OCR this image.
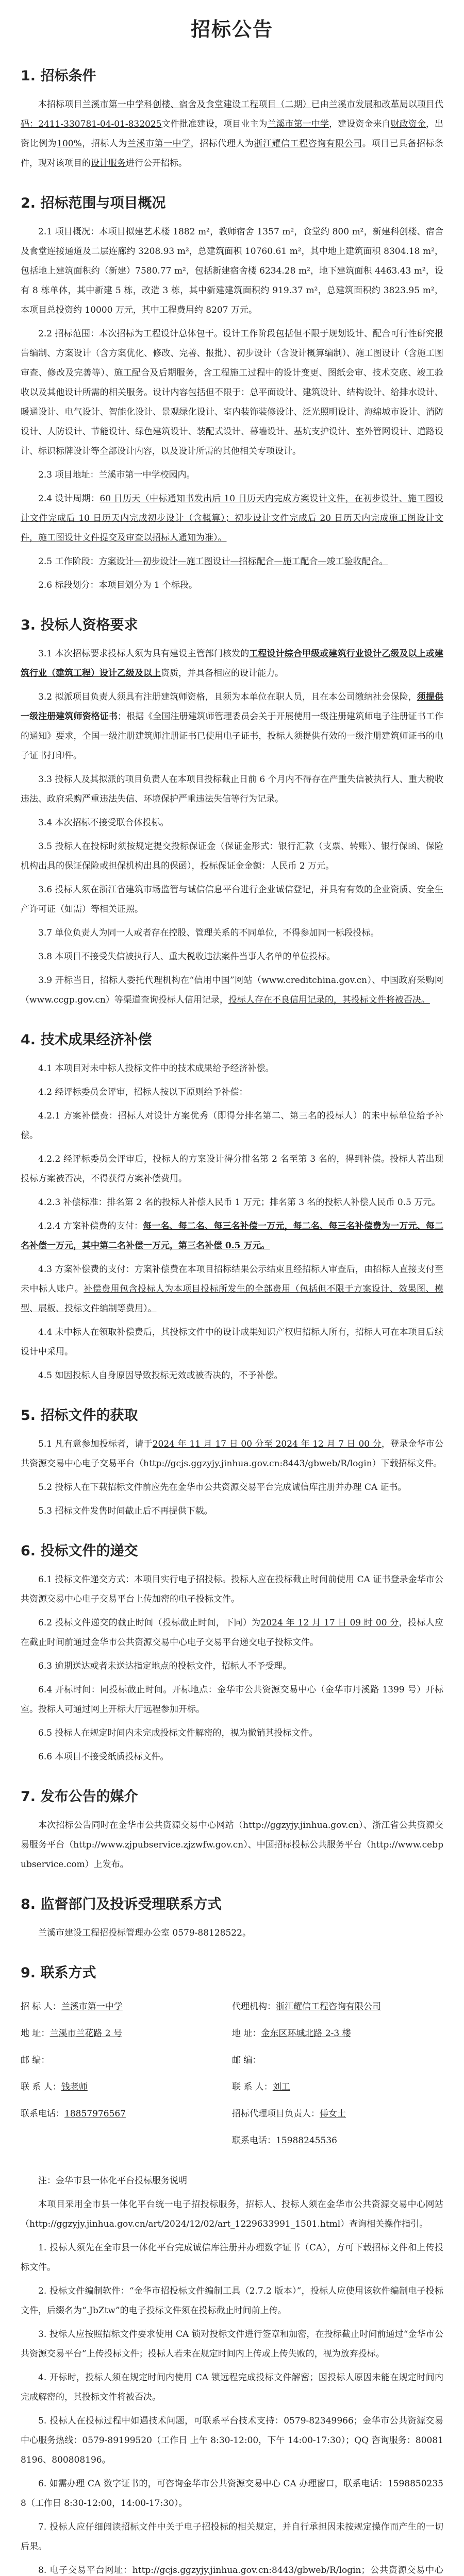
招标公告
1. 招标条件

本招标项目兰溪市第一中学科创楼、宿舍及食堂建设工程项目（二期）已由兰溪市发展和改革局以项目代码：2411-330781-04-01-832025文件批准建设，项目业主为兰溪市第一中学，建设资金来自财政资金，出资比例为100%，招标人为兰溪市第一中学，招标代理人为浙江耀信工程咨询有限公司。项目已具备招标条件，现对该项目的设计服务进行公开招标。

2. 招标范围与项目概况

2.1 项目概况：本项目拟建艺术楼 1882 m²，教师宿舍 1357 m²，食堂约 800 m²，新建科创楼、宿舍及食堂连接通道及二层连廊约 3208.93 m²，总建筑面积 10760.61 m²，其中地上建筑面积 8304.18 m²，包括地上建筑面积约（新建）7580.77 m²，包括新建宿舍楼 6234.28 m²，地下建筑面积 4463.43 m²，设有 8 栋单体，其中新建 5 栋，改造 3 栋，其中新建建筑面积约 919.37 m²，总建筑面积约 3823.95 m²，本项目总投资约 10000 万元，其中工程费用约 8207 万元。

2.2 招标范围：本次招标为工程设计总体包干。设计工作阶段包括但不限于规划设计、配合可行性研究报告编制、方案设计（含方案优化、修改、完善、报批）、初步设计（含设计概算编制）、施工图设计（含施工图审查、修改及完善等）、施工配合及后期服务，含工程施工过程中的设计变更、图纸会审、技术交底、竣工验收以及其他设计所需的相关服务。设计内容包括但不限于：总平面设计、建筑设计、结构设计、给排水设计、暖通设计、电气设计、智能化设计、景观绿化设计、室内装饰装修设计、泛光照明设计、海绵城市设计、消防设计、人防设计、节能设计、绿色建筑设计、装配式设计、幕墙设计、基坑支护设计、室外管网设计、道路设计、标识标牌设计等全部设计内容，以及设计所需的其他相关专项设计。

2.3 项目地址：兰溪市第一中学校园内。

2.4 设计周期：60 日历天（中标通知书发出后 10 日历天内完成方案设计文件，在初步设计、施工图设计文件完成后 10 日历天内完成初步设计（含概算）；初步设计文件完成后 20 日历天内完成施工图设计文件，施工图设计文件提交及审查以招标人通知为准）。

2.5 工作阶段：方案设计—初步设计—施工图设计—招标配合—施工配合—竣工验收配合。

2.6 标段划分：本项目划分为 1 个标段。

3. 投标人资格要求

3.1 本次招标要求投标人须为具有建设主管部门核发的工程设计综合甲级或建筑行业设计乙级及以上或建筑行业（建筑工程）设计乙级及以上资质，并具备相应的设计能力。

3.2 拟派项目负责人须具有注册建筑师资格，且须为本单位在职人员，且在本公司缴纳社会保险，须提供一级注册建筑师资格证书；根据《全国注册建筑师管理委员会关于开展使用一级注册建筑师电子注册证书工作的通知》要求，全国一级注册建筑师注册证书已使用电子证书，投标人须提供有效的一级注册建筑师证书的电子证书打印件。

3.3 投标人及其拟派的项目负责人在本项目投标截止日前 6 个月内不得存在严重失信被执行人、重大税收违法、政府采购严重违法失信、环境保护严重违法失信等行为记录。

3.4 本次招标不接受联合体投标。

3.5 投标人在投标时须按规定提交投标保证金（保证金形式：银行汇款（支票、转账）、银行保函、保险机构出具的保证保险或担保机构出具的保函），投标保证金金额：人民币 2 万元。

3.6 投标人须在浙江省建筑市场监管与诚信信息平台进行企业诚信登记，并具有有效的企业资质、安全生产许可证（如需）等相关证照。

3.7 单位负责人为同一人或者存在控股、管理关系的不同单位，不得参加同一标段投标。

3.8 本项目不接受失信被执行人、重大税收违法案件当事人名单的单位投标。

3.9 开标当日，招标人委托代理机构在“信用中国”网站（www.creditchina.gov.cn）、中国政府采购网（www.ccgp.gov.cn）等渠道查询投标人信用记录，投标人存在不良信用记录的，其投标文件将被否决。

4. 技术成果经济补偿

4.1 本项目对未中标人投标文件中的技术成果给予经济补偿。

4.2 经评标委员会评审，招标人按以下原则给予补偿：

4.2.1 方案补偿费：招标人对设计方案优秀（即得分排名第二、第三名的投标人）的未中标单位给予补偿。

4.2.2 经评标委员会评审后，投标人的方案设计得分排名第 2 名至第 3 名的，得到补偿。投标人若出现投标方案被否决，不得获得方案补偿费用。

4.2.3 补偿标准：排名第 2 名的投标人补偿人民币 1 万元；排名第 3 名的投标人补偿人民币 0.5 万元。

4.2.4 方案补偿费的支付：每一名、每二名、每三名补偿一万元，每二名、每三名补偿费为一万元、每二名补偿一万元，其中第二名补偿一万元，第三名补偿 0.5 万元。

4.3 方案补偿费的支付：方案补偿费在本项目招标结果公示结束且经招标人审查后，由招标人直接支付至未中标人账户。补偿费用包含投标人为本项目投标所发生的全部费用（包括但不限于方案设计、效果图、模型、展板、投标文件编制等费用）。

4.4 未中标人在领取补偿费后，其投标文件中的设计成果知识产权归招标人所有，招标人可在本项目后续设计中采用。

4.5 如因投标人自身原因导致投标无效或被否决的，不予补偿。

5. 招标文件的获取

5.1 凡有意参加投标者，请于2024 年 11 月 17 日 00 分至 2024 年 12 月 7 日 00 分，登录金华市公共资源交易中心电子交易平台（http://gcjs.ggzyjy.jinhua.gov.cn:8443/gbweb/R/login）下载招标文件。

5.2 投标人在下载招标文件前应先在金华市公共资源交易平台完成诚信库注册并办理 CA 证书。

5.3 招标文件发售时间截止后不再提供下载。

6. 投标文件的递交

6.1 投标文件递交方式：本项目实行电子招投标。投标人应在投标截止时间前使用 CA 证书登录金华市公共资源交易中心电子交易平台上传加密的电子投标文件。

6.2 投标文件递交的截止时间（投标截止时间，下同）为2024 年 12 月 17 日 09 时 00 分，投标人应在截止时间前通过金华市公共资源交易中心电子交易平台递交电子投标文件。

6.3 逾期送达或者未送达指定地点的投标文件，招标人不予受理。

6.4 开标时间：同投标截止时间。开标地点：金华市公共资源交易中心（金华市丹溪路 1399 号）开标室。投标人可通过网上开标大厅远程参加开标。

6.5 投标人在规定时间内未完成投标文件解密的，视为撤销其投标文件。

6.6 本项目不接受纸质投标文件。

7. 发布公告的媒介

本次招标公告同时在金华市公共资源交易中心网站（http://ggzyjy.jinhua.gov.cn）、浙江省公共资源交易服务平台（http://www.zjpubservice.zjzwfw.gov.cn）、中国招标投标公共服务平台（http://www.cebpubservice.com）上发布。

8. 监督部门及投诉受理联系方式

兰溪市建设工程招投标管理办公室 0579-88128522。

9. 联系方式
招 标 人：兰溪市第一中学	代理机构：浙江耀信工程咨询有限公司
地 址：兰溪市兰花路 2 号	地 址：金东区环城北路 2-3 楼
邮 编：	邮 编：
联 系 人：钱老师	联 系 人：刘工
联系电话：18857976567	招标代理项目负责人：傅女士
	联系电话：15988245536

注：金华市县一体化平台投标服务说明

本项目采用全市县一体化平台统一电子招投标服务，招标人、投标人须在金华市公共资源交易中心网站（http://ggzyjy.jinhua.gov.cn/art/2024/12/02/art_1229633991_1501.html）查询相关操作指引。

1. 投标人须先在全市县一体化平台完成诚信库注册并办理数字证书（CA），方可下载招标文件和上传投标文件。

2. 投标文件编制软件：“金华市招投标文件编制工具（2.7.2 版本）”，投标人应使用该软件编制电子投标文件，后缀名为“.JbZtw”的电子投标文件须在投标截止时间前上传。

3. 投标人应按照招标文件要求使用 CA 锁对投标文件进行签章和加密，在投标截止时间前通过“金华市公共资源交易平台”上传投标文件；投标人若未在规定时间内上传或上传失败的，视为放弃投标。

4. 开标时，投标人须在规定时间内使用 CA 锁远程完成投标文件解密；因投标人原因未能在规定时间内完成解密的，其投标文件将被否决。

5. 投标人在投标过程中如遇技术问题，可联系平台技术支持：0579-82349966；金华市公共资源交易中心服务热线：0579-89199520（工作日 上午 8:30-12:00，下午 14:00-17:30）；QQ 咨询服务：800818196、800808196。

6. 如需办理 CA 数字证书的，可咨询金华市公共资源交易中心 CA 办理窗口，联系电话：15988502358（工作日 8:30-12:00，14:00-17:30）。

7. 投标人应仔细阅读招标文件中关于电子招投标的相关规定，并自行承担因未按规定操作而产生的一切后果。

8. 电子交易平台网址：http://gcjs.ggzyjy.jinhua.gov.cn:8443/gbweb/R/login；公共资源交易中心
